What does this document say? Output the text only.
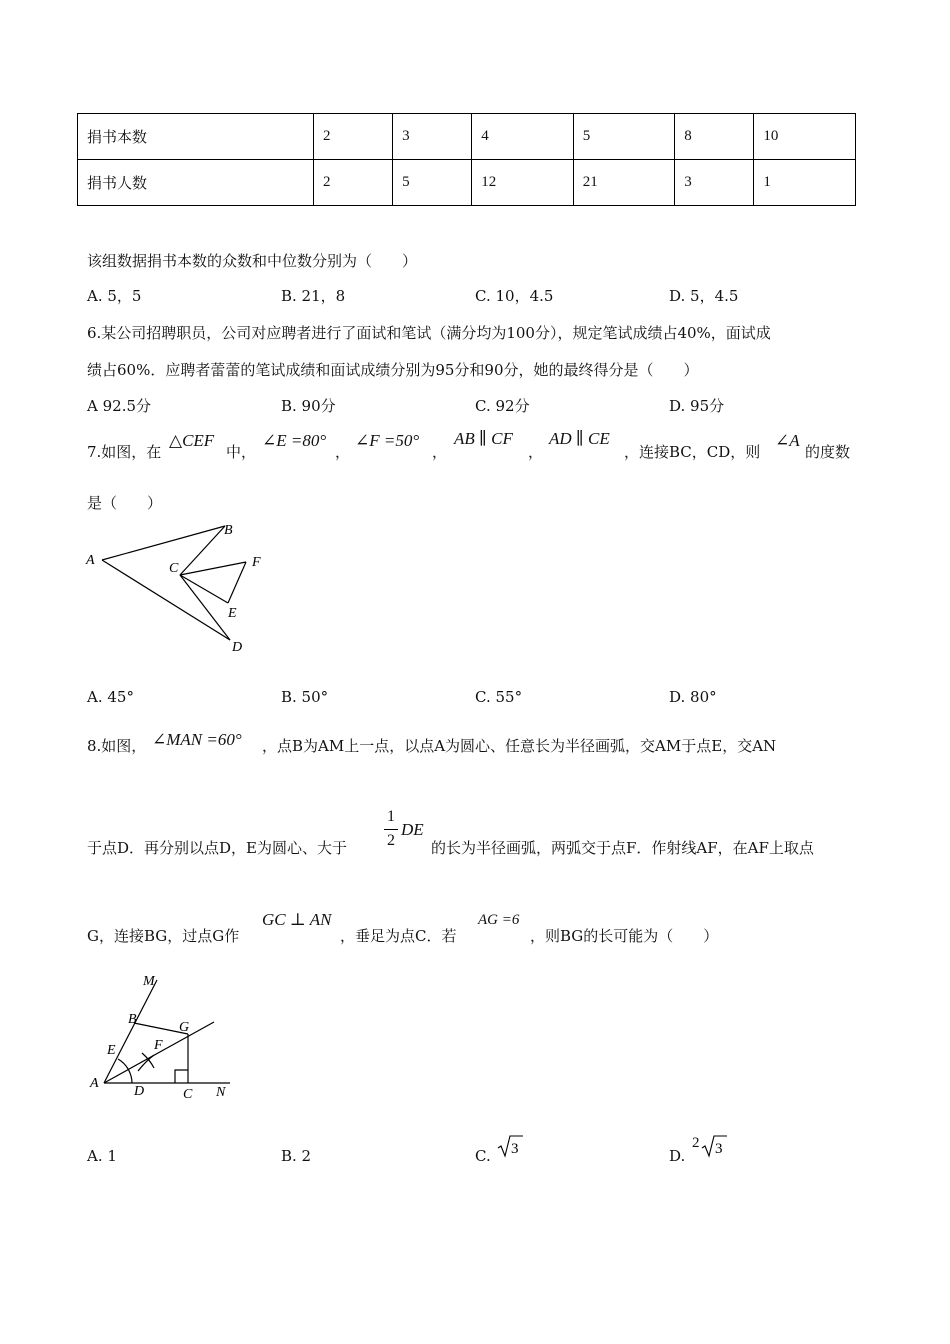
捐书本数	2	3	4	5	8	10
捐书人数	2	5	12	21	3	1
该组数据捐书本数的众数和中位数分别为（　　）
A. 5，5	B. 21，8	C. 10，4.5	D. 5，4.5
6.某公司招聘职员，公司对应聘者进行了面试和笔试（满分均为100分），规定笔试成绩占40%，面试成
绩占60%．应聘者蕾蕾的笔试成绩和面试成绩分别为95分和90分，她的最终得分是（　　）
A 92.5分	B. 90分	C. 92分	D. 95分
7.如图，在
△CEF
中，
∠E =80°
，
∠F =50°
，
AB ∥ CF
，
AD ∥ CE
，连接BC，CD，则
∠A
的度数
是（　　）
A
B
C	F
E
D
A. 45°	B. 50°	C. 55°	D. 80°
8.如图， ∠MAN =60° ，点B为AM上一点，以点A为圆心、任意长为半径画弧，交AM于点E，交AN
于点D．再分别以点D，E为圆心、大于
1
2
DE
的长为半径画弧，两弧交于点F．作射线AF，在AF上取点
G，连接BG，过点G作
GC ⊥ AN
，垂足为点C．若
AG =6
，则BG的长可能为（　　）
M
B
G
E	F
A
D	C N
A. 1	B. 2	C. 3	D.
2 3
